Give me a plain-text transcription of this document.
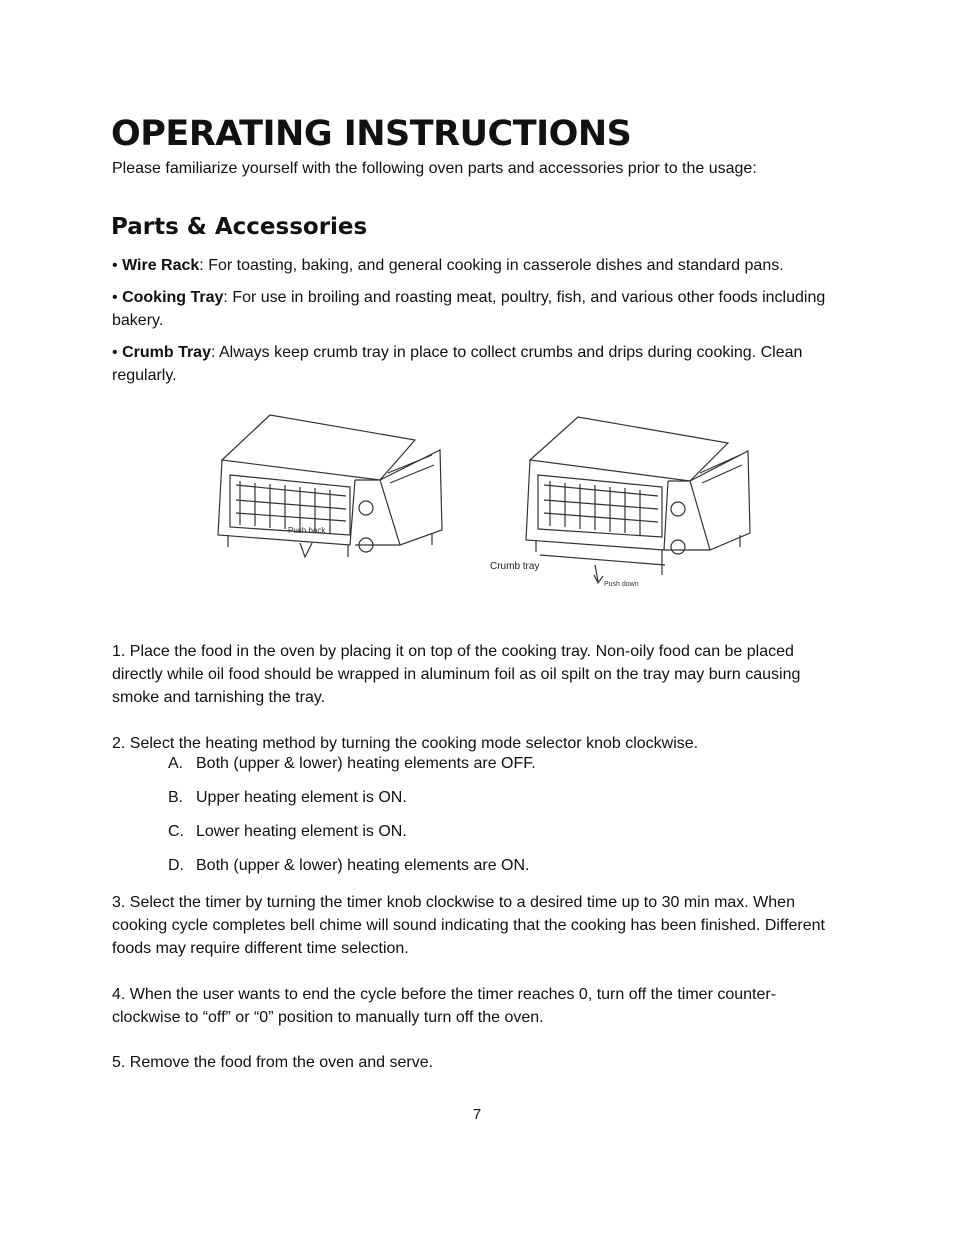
OPERATING INSTRUCTIONS
Please familiarize yourself with the following oven parts and accessories prior to the usage:
Parts & Accessories
• Wire Rack: For toasting, baking, and general cooking in casserole dishes and standard pans.
• Cooking Tray: For use in broiling and roasting meat, poultry, fish, and various other foods including bakery.
• Crumb Tray: Always keep crumb tray in place to collect crumbs and drips during cooking. Clean regularly.
Push back
Crumb tray
Push down
1. Place the food in the oven by placing it on top of the cooking tray. Non-oily food can be placed directly while oil food should be wrapped in aluminum foil as oil spilt on the tray may burn causing smoke and tarnishing the tray.
2. Select the heating method by turning the cooking mode selector knob clockwise.
A. Both (upper & lower) heating elements are OFF.
B. Upper heating element is ON.
C. Lower heating element is ON.
D. Both (upper & lower) heating elements are ON.
3. Select the timer by turning the timer knob clockwise to a desired time up to 30 min max. When cooking cycle completes bell chime will sound indicating that the cooking has been finished. Different foods may require different time selection.
4. When the user wants to end the cycle before the timer reaches 0, turn off the timer counter-clockwise to “off” or “0” position to manually turn off the oven.
5. Remove the food from the oven and serve.
7
